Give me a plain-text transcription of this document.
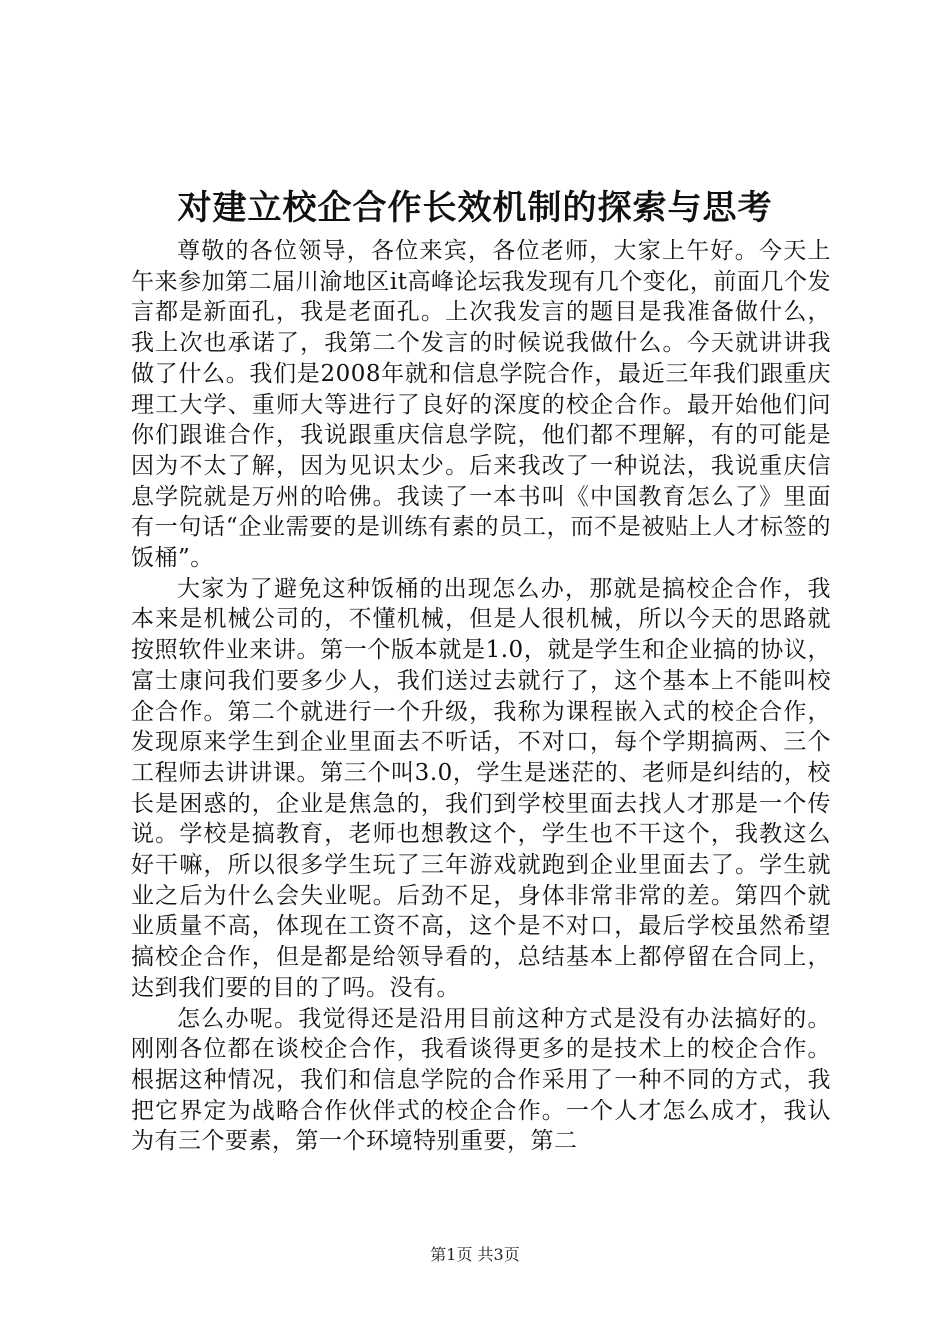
对建立校企合作长效机制的探索与思考

尊敬的各位领导，各位来宾，各位老师，大家上午好。今天上午来参加第二届川渝地区it高峰论坛我发现有几个变化，前面几个发言都是新面孔，我是老面孔。上次我发言的题目是我准备做什么，我上次也承诺了，我第二个发言的时候说我做什么。今天就讲讲我做了什么。我们是2008年就和信息学院合作，最近三年我们跟重庆理工大学、重师大等进行了良好的深度的校企合作。最开始他们问你们跟谁合作，我说跟重庆信息学院，他们都不理解，有的可能是因为不太了解，因为见识太少。后来我改了一种说法，我说重庆信息学院就是万州的哈佛。我读了一本书叫《中国教育怎么了》里面有一句话“企业需要的是训练有素的员工，而不是被贴上人才标签的饭桶”。

大家为了避免这种饭桶的出现怎么办，那就是搞校企合作，我本来是机械公司的，不懂机械，但是人很机械，所以今天的思路就按照软件业来讲。第一个版本就是1.0，就是学生和企业搞的协议，富士康问我们要多少人，我们送过去就行了，这个基本上不能叫校企合作。第二个就进行一个升级，我称为课程嵌入式的校企合作，发现原来学生到企业里面去不听话，不对口，每个学期搞两、三个工程师去讲讲课。第三个叫3.0，学生是迷茫的、老师是纠结的，校长是困惑的，企业是焦急的，我们到学校里面去找人才那是一个传说。学校是搞教育，老师也想教这个，学生也不干这个，我教这么好干嘛，所以很多学生玩了三年游戏就跑到企业里面去了。学生就业之后为什么会失业呢。后劲不足，身体非常非常的差。第四个就业质量不高，体现在工资不高，这个是不对口，最后学校虽然希望搞校企合作，但是都是给领导看的，总结基本上都停留在合同上，达到我们要的目的了吗。没有。

怎么办呢。我觉得还是沿用目前这种方式是没有办法搞好的。刚刚各位都在谈校企合作，我看谈得更多的是技术上的校企合作。根据这种情况，我们和信息学院的合作采用了一种不同的方式，我把它界定为战略合作伙伴式的校企合作。一个人才怎么成才，我认为有三个要素，第一个环境特别重要，第二

第1页 共3页
